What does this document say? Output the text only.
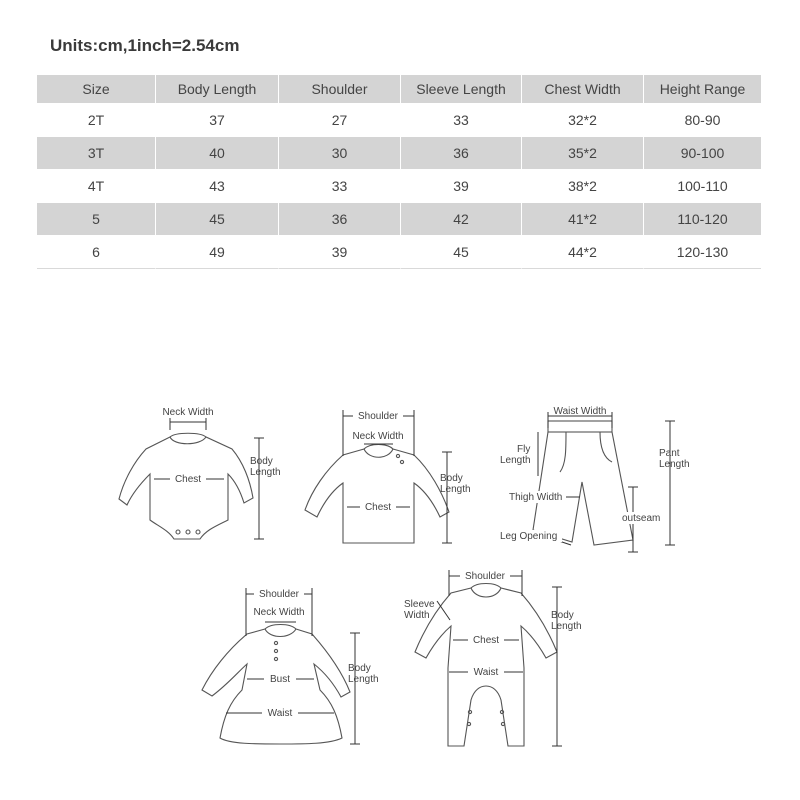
Units:cm,1inch=2.54cm
Size	Body Length	Shoulder	Sleeve Length	Chest Width	Height Range
2T	37	27	33	32*2	80-90
3T	40	30	36	35*2	90-100
4T	43	33	39	38*2	100-110
5	45	36	42	41*2	110-120
6	49	39	45	44*2	120-130
Neck Width
Chest
Body
Length
Shoulder
Neck Width
Chest
Body
Length
Waist Width
Fly
Length
Pant
Length
Thigh Width
outseam
Leg Opening
Shoulder
Neck Width
Bust
Waist
Body
Length
Shoulder
Sleeve
Width
Chest
Waist
Body
Length
